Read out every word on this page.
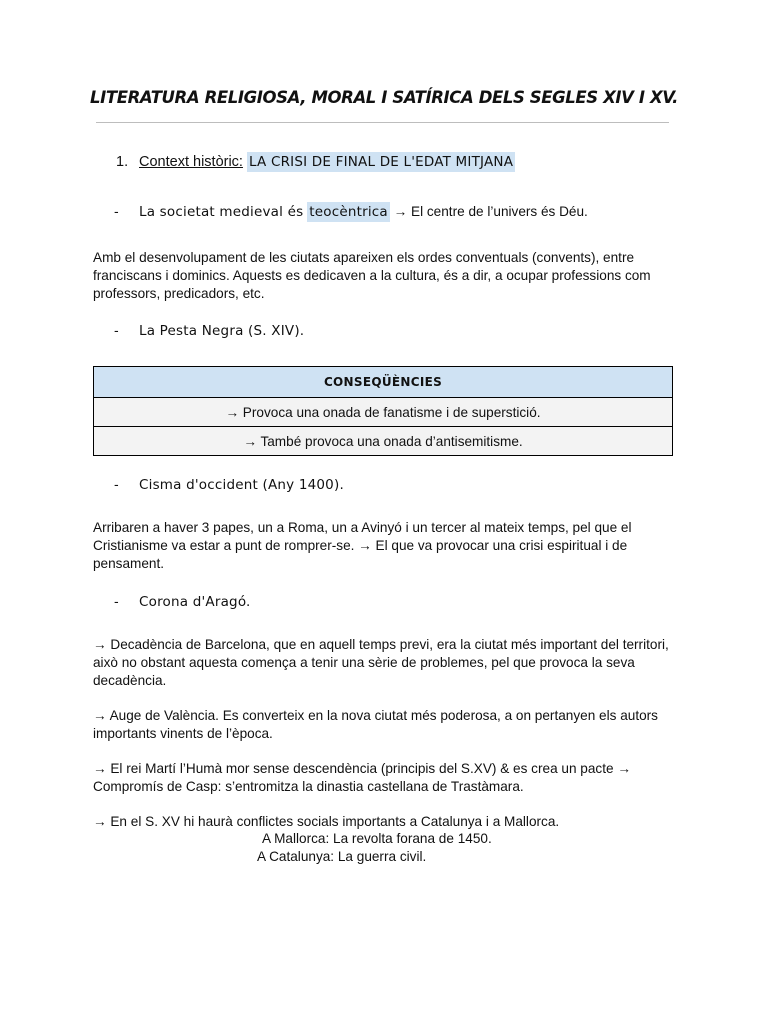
LITERATURA RELIGIOSA, MORAL I SATÍRICA DELS SEGLES XIV I XV.
1. Context històric: LA CRISI DE FINAL DE L'EDAT MITJANA
- La societat medieval és teocèntrica → El centre de l’univers és Déu.

Amb el desenvolupament de les ciutats apareixen els ordes conventuals (convents), entre franciscans i dominics. Aquests es dedicaven a la cultura, és a dir, a ocupar professions com professors, predicadors, etc.

- La Pesta Negra (S. XIV).
CONSEQÜÈNCIES
→ Provoca una onada de fanatisme i de superstició.
→ També provoca una onada d’antisemitisme.
- Cisma d'occident (Any 1400).

Arribaren a haver 3 papes, un a Roma, un a Avinyó i un tercer al mateix temps, pel que el Cristianisme va estar a punt de romprer-se. → El que va provocar una crisi espiritual i de pensament.

- Corona d'Aragó.

→ Decadència de Barcelona, que en aquell temps previ, era la ciutat més important del territori, això no obstant aquesta comença a tenir una sèrie de problemes, pel que provoca la seva decadència.

→ Auge de València. Es converteix en la nova ciutat més poderosa, a on pertanyen els autors importants vinents de l’època.

→ El rei Martí l’Humà mor sense descendència (principis del S.XV) & es crea un pacte → Compromís de Casp: s’entromitza la dinastia castellana de Trastàmara.

→ En el S. XV hi haurà conflictes socials importants a Catalunya i a Mallorca.

A Mallorca: La revolta forana de 1450.
A Catalunya: La guerra civil.
